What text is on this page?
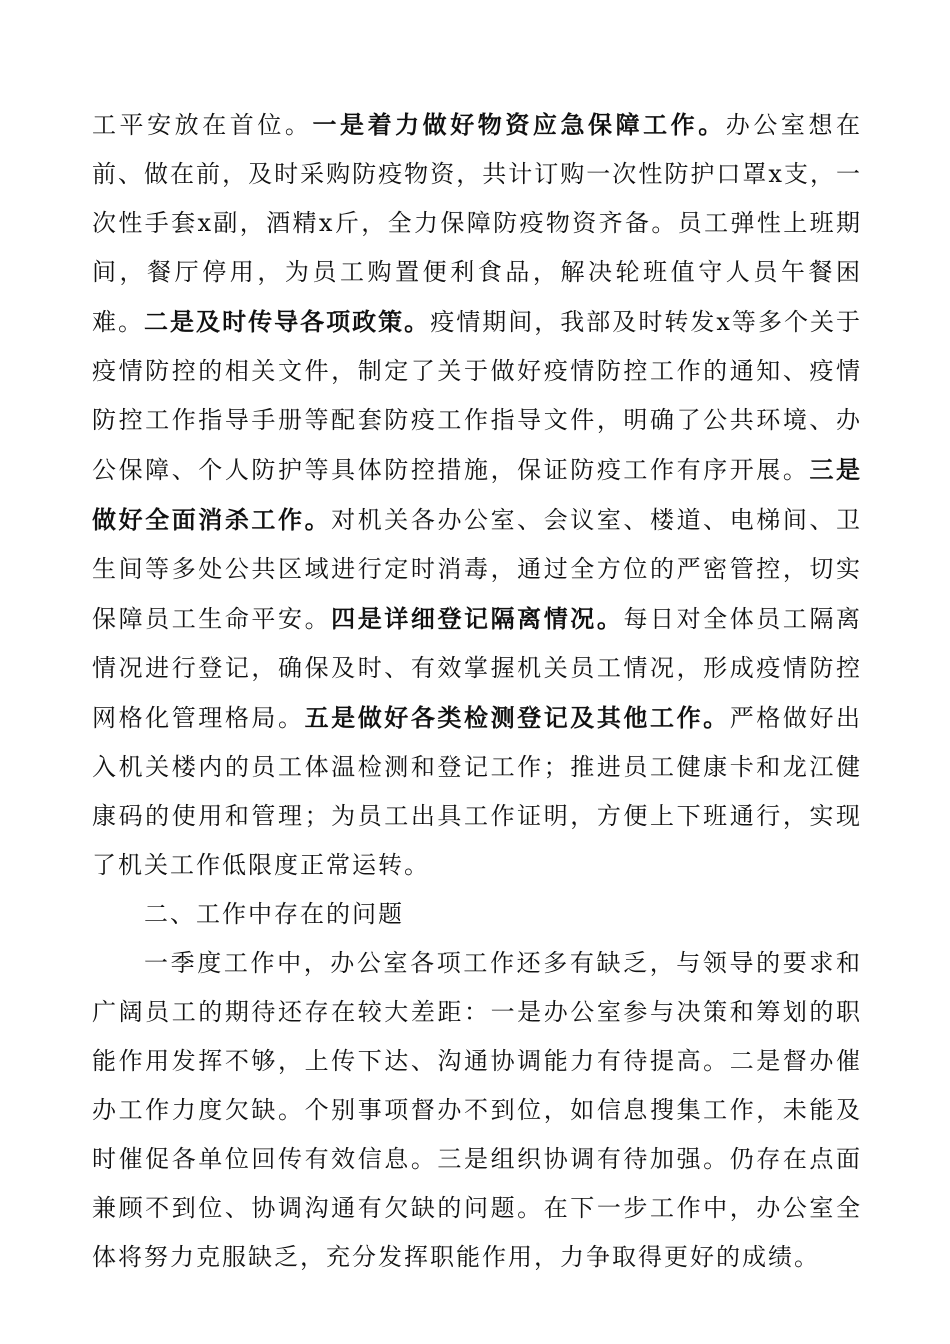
工平安放在首位。一是着力做好物资应急保障工作。办公室想在前、做在前，及时采购防疫物资，共计订购一次性防护口罩x支，一次性手套x副，酒精x斤，全力保障防疫物资齐备。员工弹性上班期间，餐厅停用，为员工购置便利食品，解决轮班值守人员午餐困难。二是及时传导各项政策。疫情期间，我部及时转发x等多个关于疫情防控的相关文件，制定了关于做好疫情防控工作的通知、疫情防控工作指导手册等配套防疫工作指导文件，明确了公共环境、办公保障、个人防护等具体防控措施，保证防疫工作有序开展。三是做好全面消杀工作。对机关各办公室、会议室、楼道、电梯间、卫生间等多处公共区域进行定时消毒，通过全方位的严密管控，切实保障员工生命平安。四是详细登记隔离情况。每日对全体员工隔离情况进行登记，确保及时、有效掌握机关员工情况，形成疫情防控网格化管理格局。五是做好各类检测登记及其他工作。严格做好出入机关楼内的员工体温检测和登记工作；推进员工健康卡和龙江健康码的使用和管理；为员工出具工作证明，方便上下班通行，实现了机关工作低限度正常运转。

二、工作中存在的问题

一季度工作中，办公室各项工作还多有缺乏，与领导的要求和广阔员工的期待还存在较大差距：一是办公室参与决策和筹划的职能作用发挥不够，上传下达、沟通协调能力有待提高。二是督办催办工作力度欠缺。个别事项督办不到位，如信息搜集工作，未能及时催促各单位回传有效信息。三是组织协调有待加强。仍存在点面兼顾不到位、协调沟通有欠缺的问题。在下一步工作中，办公室全体将努力克服缺乏，充分发挥职能作用，力争取得更好的成绩。
